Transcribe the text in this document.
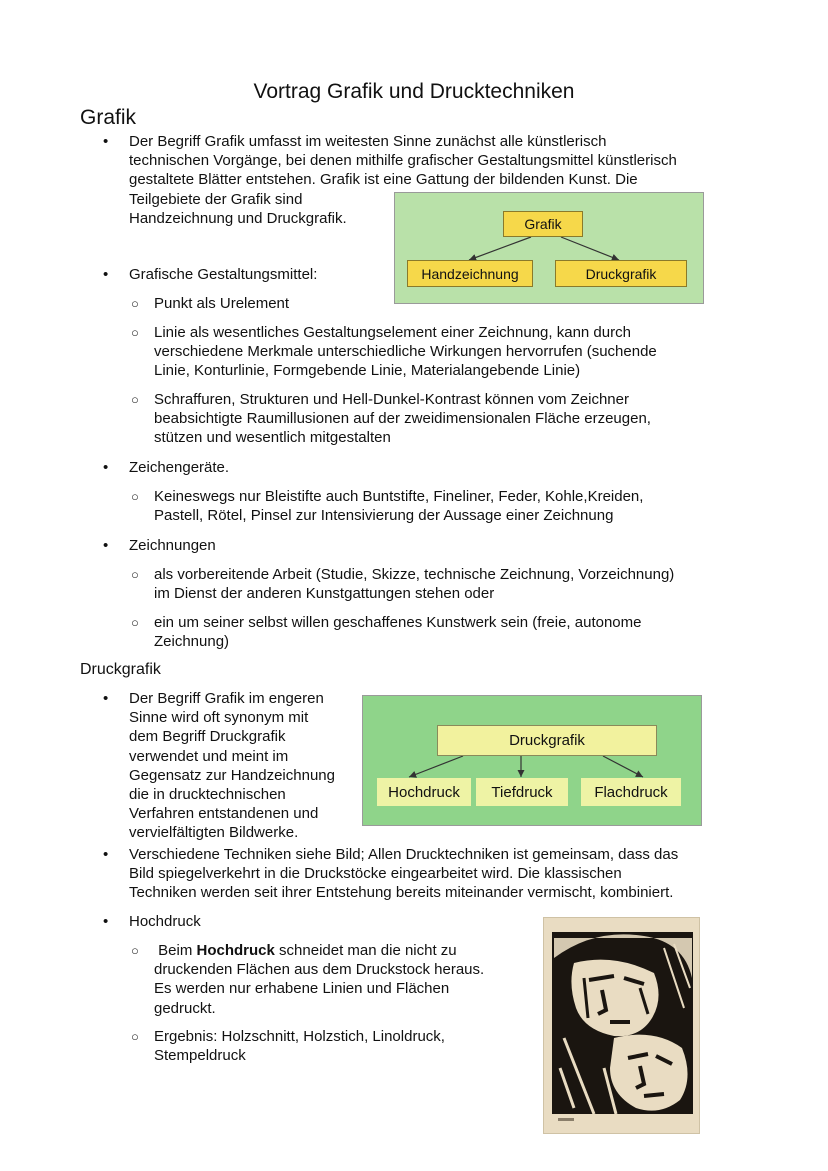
Vortrag Grafik und Drucktechniken
Grafik
• Der Begriff Grafik umfasst im weitesten Sinne zunächst alle künstlerisch
technischen Vorgänge, bei denen mithilfe grafischer Gestaltungsmittel künstlerisch
gestaltete Blätter entstehen. Grafik ist eine Gattung der bildenden Kunst. Die
Teilgebiete der Grafik sind
Handzeichnung und Druckgrafik.	Grafik
Handzeichnung	Druckgrafik
• Grafische Gestaltungsmittel:
○ Punkt als Urelement
○ Linie als wesentliches Gestaltungselement einer Zeichnung, kann durch
verschiedene Merkmale unterschiedliche Wirkungen hervorrufen (suchende
Linie, Konturlinie, Formgebende Linie, Materialangebende Linie)
○ Schraffuren, Strukturen und Hell-Dunkel-Kontrast können vom Zeichner
beabsichtigte Raumillusionen auf der zweidimensionalen Fläche erzeugen,
stützen und wesentlich mitgestalten
• Zeichengeräte.
○ Keineswegs nur Bleistifte auch Buntstifte, Fineliner, Feder, Kohle,Kreiden,
Pastell, Rötel, Pinsel zur Intensivierung der Aussage einer Zeichnung
• Zeichnungen
○ als vorbereitende Arbeit (Studie, Skizze, technische Zeichnung, Vorzeichnung)
im Dienst der anderen Kunstgattungen stehen oder
○ ein um seiner selbst willen geschaffenes Kunstwerk sein (freie, autonome
Zeichnung)
Druckgrafik
• Der Begriff Grafik im engeren
Sinne wird oft synonym mit
dem Begriff Druckgrafik
verwendet und meint im
Gegensatz zur Handzeichnung
die in drucktechnischen
Verfahren entstandenen und
vervielfältigten Bildwerke.
Druckgrafik
Hochdruck	Tiefdruck	Flachdruck
• Verschiedene Techniken siehe Bild; Allen Drucktechniken ist gemeinsam, dass das
Bild spiegelverkehrt in die Druckstöcke eingearbeitet wird. Die klassischen
Techniken werden seit ihrer Entstehung bereits miteinander vermischt, kombiniert.
• Hochdruck
○ Beim Hochdruck schneidet man die nicht zu
druckenden Flächen aus dem Druckstock heraus.
Es werden nur erhabene Linien und Flächen
gedruckt.
○ Ergebnis: Holzschnitt, Holzstich, Linoldruck,
Stempeldruck
